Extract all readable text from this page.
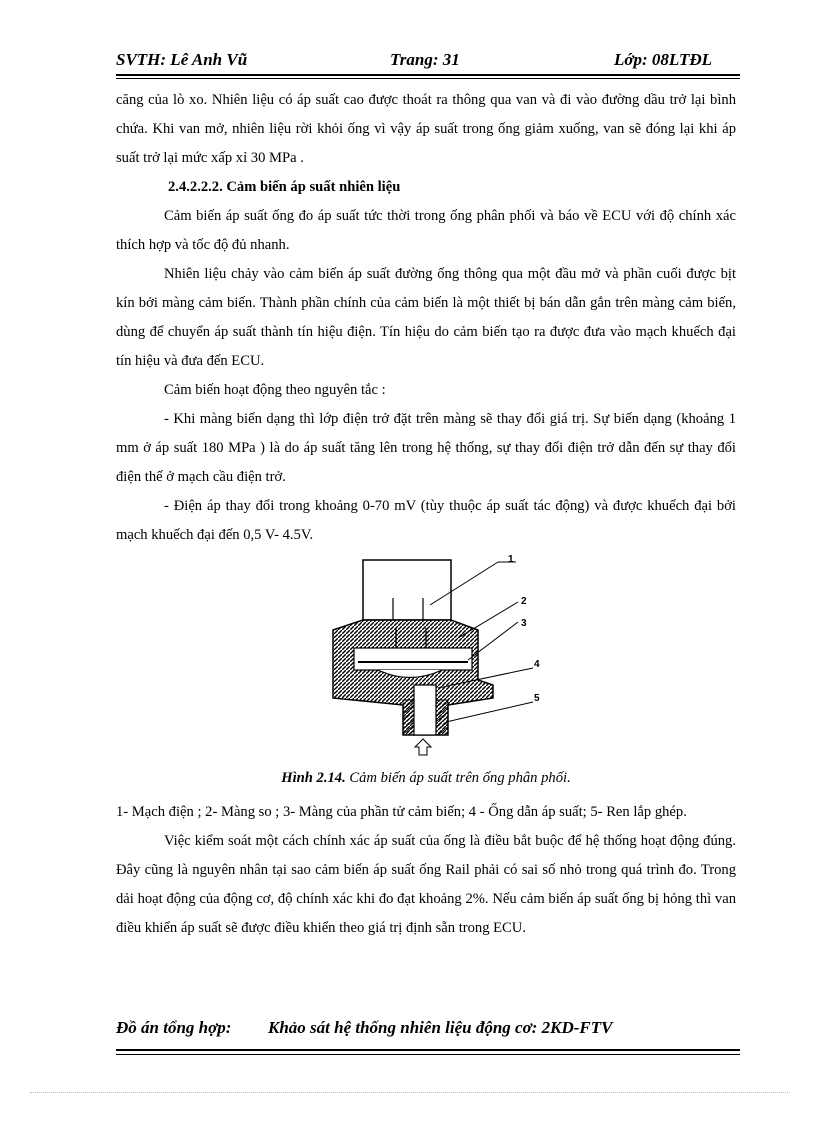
SVTH: Lê Anh Vũ	Trang: 31	Lớp: 08LTĐL

căng của lò xo. Nhiên liệu có áp suất cao được thoát ra thông qua van và đi vào đường dầu trở lại bình chứa. Khi van mở, nhiên liệu rời khỏi ống vì vậy áp suất trong ống giảm xuống, van sẽ đóng lại khi áp suất trở lại mức xấp xỉ 30 MPa .

2.4.2.2.2. Cảm biến áp suất nhiên liệu

Cảm biến áp suất ống đo áp suất tức thời trong ống phân phối và báo về ECU với độ chính xác thích hợp và tốc độ đủ nhanh.

Nhiên liệu chảy vào cảm biến áp suất đường ống thông qua một đầu mở và phần cuối được bịt kín bởi màng cảm biến. Thành phần chính của cảm biến là một thiết bị bán dẫn gắn trên màng cảm biến, dùng để chuyển áp suất thành tín hiệu điện. Tín hiệu do cảm biến tạo ra được đưa vào mạch khuếch đại tín hiệu và đưa đến ECU.

Cảm biến hoạt động theo nguyên tắc :

- Khi màng biến dạng thì lớp điện trở đặt trên màng sẽ thay đổi giá trị. Sự biến dạng (khoảng 1 mm ở áp suất 180 MPa ) là do áp suất tăng lên trong hệ thống, sự thay đổi điện trở dẫn đến sự thay đổi điện thế ở mạch cầu điện trở.

- Điện áp thay đổi trong khoảng 0-70 mV (tùy thuộc áp suất tác động) và được khuếch đại bởi mạch khuếch đại đến 0,5 V- 4.5V.

1
2
3
4
5
Hình 2.14. Cảm biến áp suất trên ống phân phối.

1- Mạch điện ; 2- Màng so ; 3- Màng của phần tử cảm biến; 4 - Ống dẫn áp suất; 5- Ren lắp ghép.

Việc kiểm soát một cách chính xác áp suất của ống là điều bắt buộc để hệ thống hoạt động đúng. Đây cũng là nguyên nhân tại sao cảm biến áp suất ống Rail phải có sai số nhỏ trong quá trình đo. Trong dải hoạt động của động cơ, độ chính xác khi đo đạt khoảng 2%. Nếu cảm biến áp suất ống bị hỏng thì van điều khiển áp suất sẽ được điều khiển theo giá trị định sẵn trong ECU.

Đồ án tổng hợp: Khảo sát hệ thống nhiên liệu động cơ: 2KD-FTV
